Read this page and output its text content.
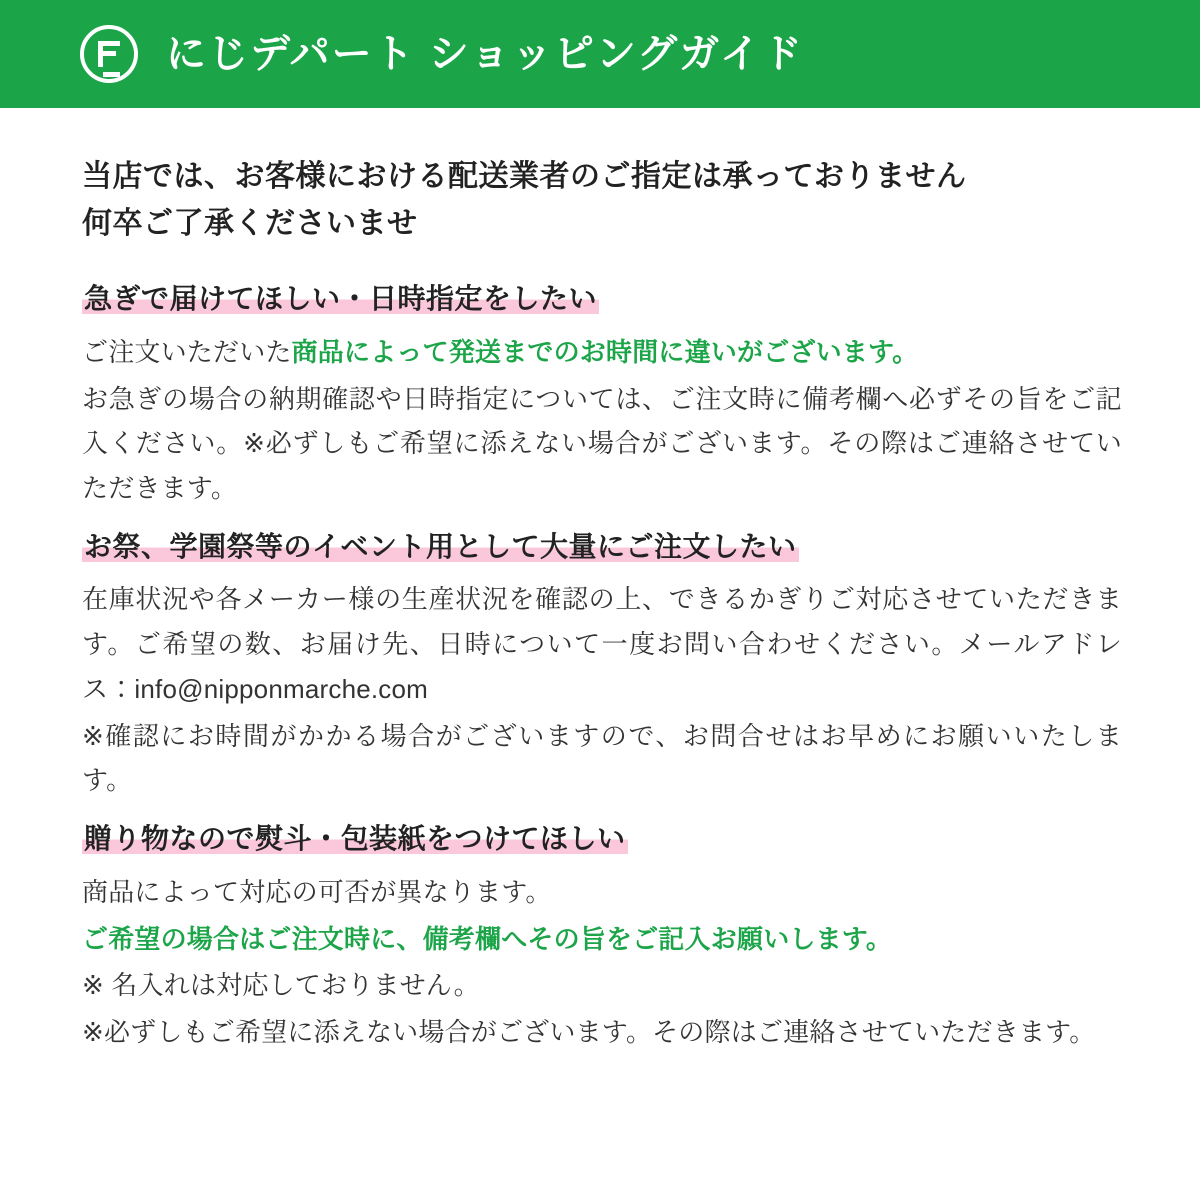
にじデパート ショッピングガイド

当店では、お客様における配送業者のご指定は承っておりません
何卒ご了承くださいませ

急ぎで届けてほしい・日時指定をしたい

ご注文いただいた商品によって発送までのお時間に違いがございます。

お急ぎの場合の納期確認や日時指定については、ご注文時に備考欄へ必ずその旨をご記入ください。※必ずしもご希望に添えない場合がございます。その際はご連絡させていただきます。

お祭、学園祭等のイベント用として大量にご注文したい

在庫状況や各メーカー様の生産状況を確認の上、できるかぎりご対応させていただきます。ご希望の数、お届け先、日時について一度お問い合わせください。メールアドレス：info@nipponmarche.com

※確認にお時間がかかる場合がございますので、お問合せはお早めにお願いいたします。

贈り物なので熨斗・包装紙をつけてほしい

商品によって対応の可否が異なります。

ご希望の場合はご注文時に、備考欄へその旨をご記入お願いします。

※ 名入れは対応しておりません。

※必ずしもご希望に添えない場合がございます。その際はご連絡させていただきます。
